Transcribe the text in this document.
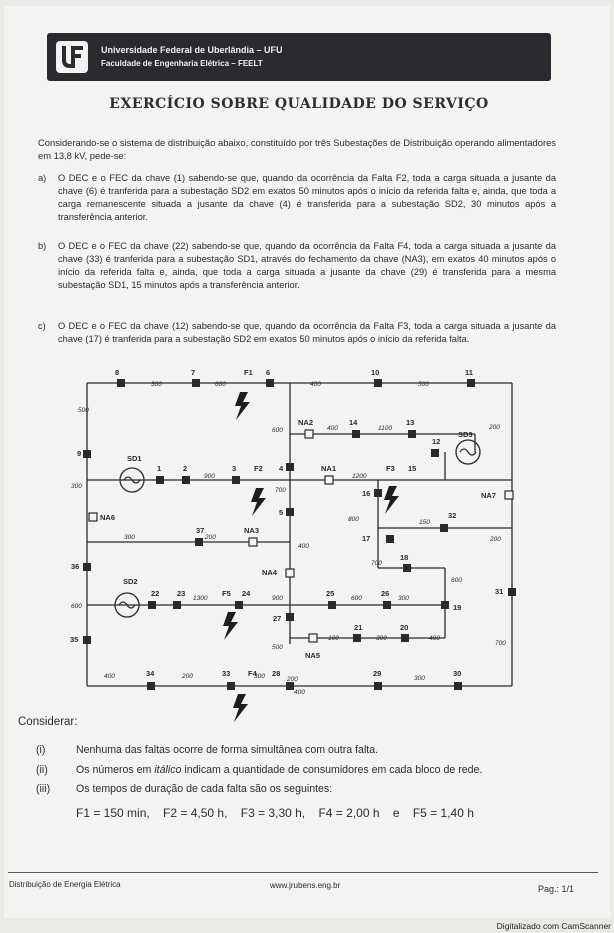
Universidade Federal de Uberlândia – UFU
Faculdade de Engenharia Elétrica – FEELT
EXERCÍCIO SOBRE QUALIDADE DO SERVIÇO
Considerando-se o sistema de distribuição abaixo, constituído por três Subestações de Distribuição operando alimentadores em 13,8 kV, pede-se:
a) O DEC e o FEC da chave (1) sabendo-se que, quando da ocorrência da Falta F2, toda a carga situada a jusante da chave (6) é tranferida para a subestação SD2 em exatos 50 minutos após o início da referida falta e, ainda, que toda a carga remanescente situada a jusante da chave (4) é transferida para a subestação SD2, 30 minutos após a transferência anterior.
b) O DEC e o FEC da chave (22) sabendo-se que, quando da ocorrência da Falta F4, toda a carga situada a jusante da chave (33) é tranferida para a subestação SD1, através do fechamento da chave (NA3), em exatos 40 minutos após o início da referida falta e, ainda, que toda a carga situada a jusante da chave (29) é transferida para a mesma subestação SD1, 15 minutos após a transferência anterior.
c) O DEC e o FEC da chave (12) sabendo-se que, quando da ocorrência da Falta F3, toda a carga situada a jusante da chave (17) é tranferida para a subestação SD2 em exatos 50 minutos após o início da referida falta.
8	7	6	10	11
F1
9
36
35
SD1
SD2
SD3
1	2	3 F2 4
5
NA2	14	13
12
NA1	F3 15
16
17
18
19
NA7
32
31
NA6
37	NA3
NA4
22 23	F5 24	25	26
27
21	20
NA5
34	33 F4 28	29	30
300	600	400	500
500
300
600
600	400	1100	200
900
700
1200
800	150
200
300	200
400
700
600
1300	900	600	300
100	300	400
700
500
400	200	300	300
400
200
Considerar:
(i)	Nenhuma das faltas ocorre de forma simultânea com outra falta.
(ii)	Os números em itálico indicam a quantidade de consumidores em cada bloco de rede.
(iii) Os tempos de duração de cada falta são os seguintes:
F1 = 150 min,    F2 = 4,50 h,    F3 = 3,30 h,    F4 = 2,00 h    e    F5 = 1,40 h
Distribuição de Energia Elétrica	www.jrubens.eng.br	Pag.: 1/1
Digitalizado com CamScanner
